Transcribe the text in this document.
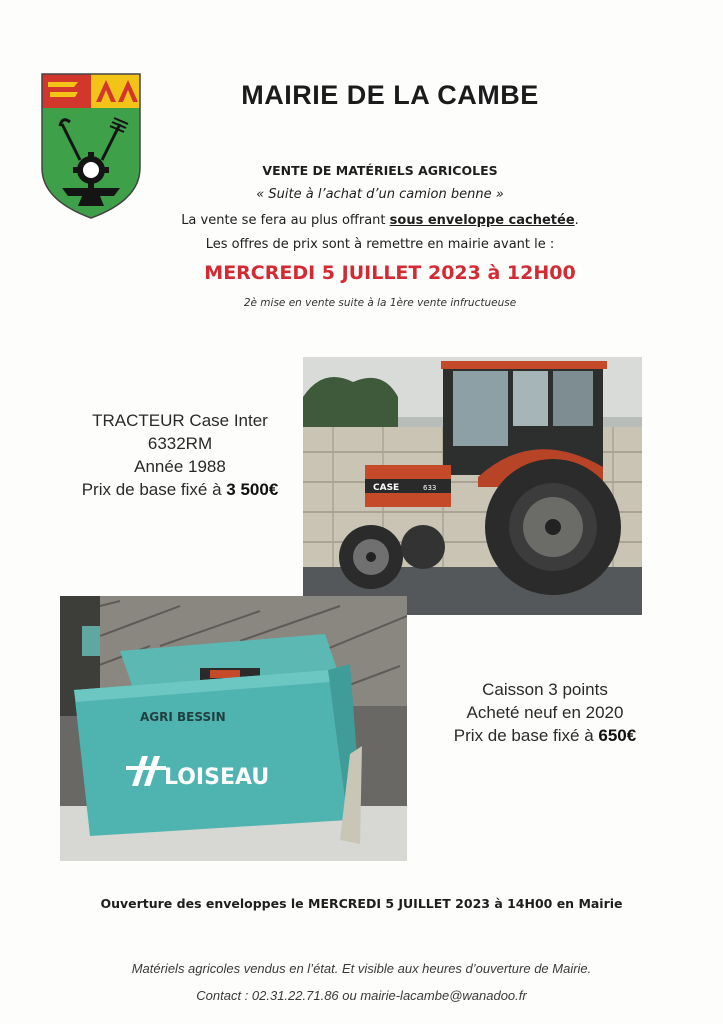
MAIRIE DE LA CAMBE
VENTE DE MATÉRIELS AGRICOLES
« Suite à l’achat d’un camion benne »
La vente se fera au plus offrant sous enveloppe cachetée.
Les offres de prix sont à remettre en mairie avant le :
MERCREDI 5 JUILLET 2023 à 12H00
2è mise en vente suite à la 1ère vente infructueuse
CASE	633
TRACTEUR Case Inter
6332RM
Année 1988
Prix de base fixé à 3 500€
AGRI BESSIN
LOISEAU
Caisson 3 points
Acheté neuf en 2020
Prix de base fixé à 650€
Ouverture des enveloppes le MERCREDI 5 JUILLET 2023 à 14H00 en Mairie
Matériels agricoles vendus en l’état. Et visible aux heures d’ouverture de Mairie.
Contact : 02.31.22.71.86 ou mairie-lacambe@wanadoo.fr
